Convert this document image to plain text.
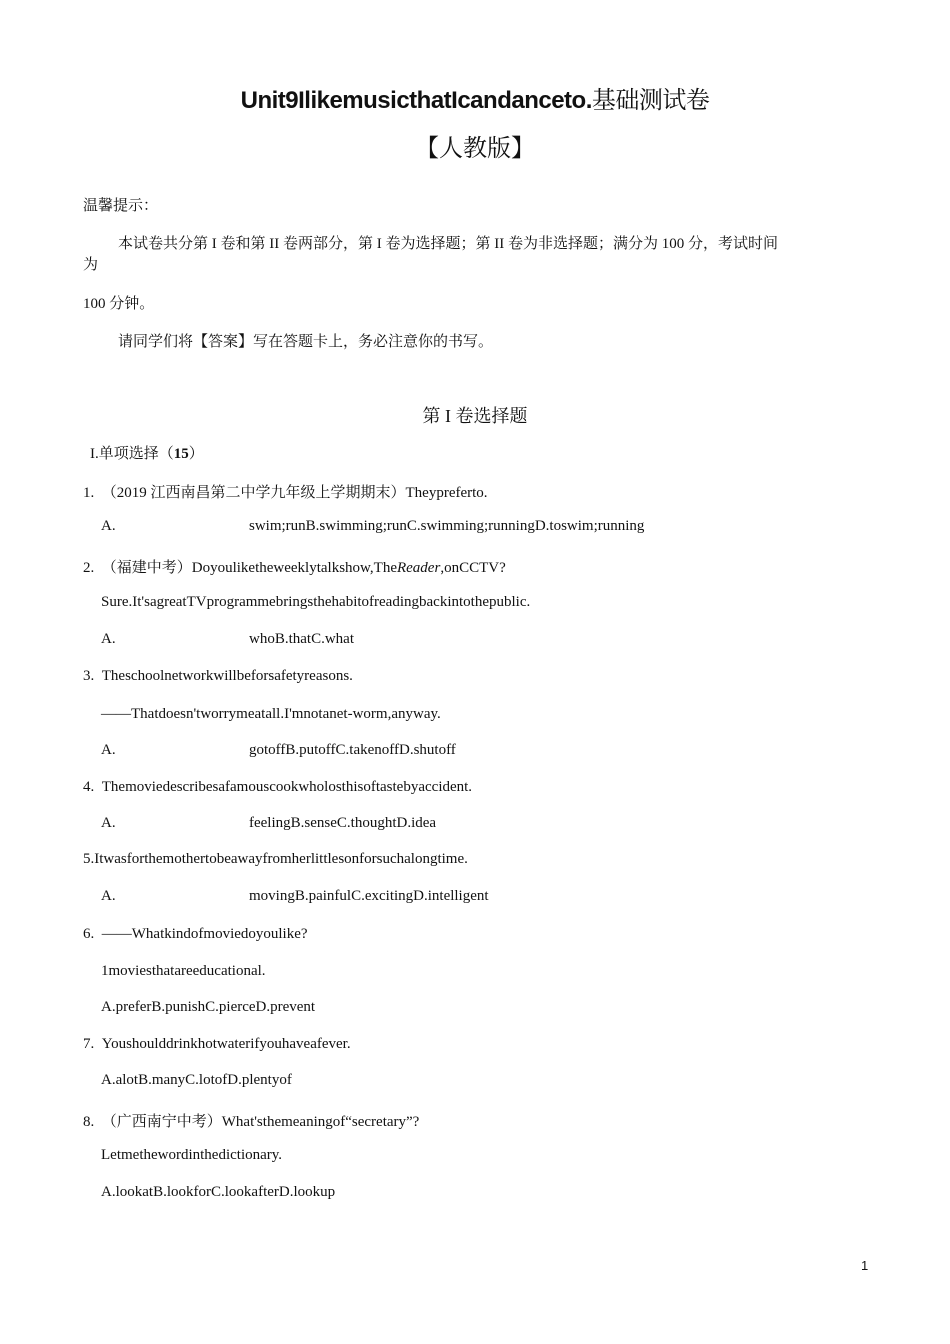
Unit9IlikemusicthatIcandanceto.基础测试卷
【人教版】
温馨提示：
本试卷共分第 I 卷和第 II 卷两部分，第 I 卷为选择题；第 II 卷为非选择题；满分为 100 分，考试时间
为
100 分钟。
请同学们将【答案】写在答题卡上，务必注意你的书写。
第 I 卷选择题
I.单项选择（15）
1. （2019 江西南昌第二中学九年级上学期期末）Theypreferto.
A.	swim;runB.swimming;runC.swimming;runningD.toswim;running
2. （福建中考）Doyouliketheweeklytalkshow,TheReader,onCCTV?
Sure.It'sagreatTVprogrammebringsthehabitofreadingbackintothepublic.
A.	whoB.thatC.what
3. Theschoolnetworkwillbeforsafetyreasons.
——Thatdoesn'tworrymeatall.I'mnotanet-worm,anyway.
A.	gotoffB.putoffC.takenoffD.shutoff
4. Themoviedescribesafamouscookwholosthisoftastebyaccident.
A.	feelingB.senseC.thoughtD.idea
5.Itwasforthemothertobeawayfromherlittlesonforsuchalongtime.
A.	movingB.painfulC.excitingD.intelligent
6. ——Whatkindofmoviedoyoulike?
1moviesthatareeducational.
A.preferB.punishC.pierceD.prevent
7. Youshoulddrinkhotwaterifyouhaveafever.
A.alotB.manyC.lotofD.plentyof
8. （广西南宁中考）What'sthemeaningof“secretary”?
Letmethewordinthedictionary.
A.lookatB.lookforC.lookafterD.lookup
1
